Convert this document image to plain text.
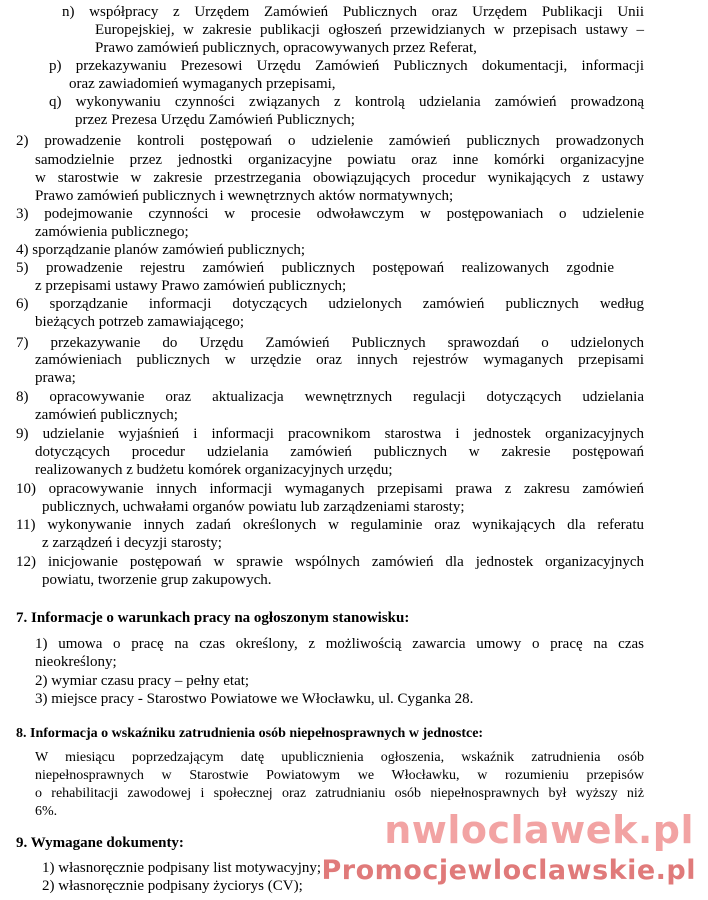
n) współpracy z Urzędem Zamówień Publicznych oraz Urzędem Publikacji Unii
Europejskiej, w zakresie publikacji ogłoszeń przewidzianych w przepisach ustawy –
Prawo zamówień publicznych, opracowywanych przez Referat,
p) przekazywaniu Prezesowi Urzędu Zamówień Publicznych dokumentacji, informacji
oraz zawiadomień wymaganych przepisami,
q) wykonywaniu czynności związanych z kontrolą udzielania zamówień prowadzoną
przez Prezesa Urzędu Zamówień Publicznych;
2) prowadzenie kontroli postępowań o udzielenie zamówień publicznych prowadzonych
samodzielnie przez jednostki organizacyjne powiatu oraz inne komórki organizacyjne
w starostwie w zakresie przestrzegania obowiązujących procedur wynikających z ustawy
Prawo zamówień publicznych i wewnętrznych aktów normatywnych;
3) podejmowanie czynności w procesie odwoławczym w postępowaniach o udzielenie
zamówienia publicznego;
4) sporządzanie planów zamówień publicznych;
5) prowadzenie rejestru zamówień publicznych postępowań realizowanych zgodnie
z przepisami ustawy Prawo zamówień publicznych;
6) sporządzanie informacji dotyczących udzielonych zamówień publicznych według
bieżących potrzeb zamawiającego;
7) przekazywanie do Urzędu Zamówień Publicznych sprawozdań o udzielonych
zamówieniach publicznych w urzędzie oraz innych rejestrów wymaganych przepisami
prawa;
8) opracowywanie oraz aktualizacja wewnętrznych regulacji dotyczących udzielania
zamówień publicznych;
9) udzielanie wyjaśnień i informacji pracownikom starostwa i jednostek organizacyjnych
dotyczących procedur udzielania zamówień publicznych w zakresie postępowań
realizowanych z budżetu komórek organizacyjnych urzędu;
10) opracowywanie innych informacji wymaganych przepisami prawa z zakresu zamówień
publicznych, uchwałami organów powiatu lub zarządzeniami starosty;
11) wykonywanie innych zadań określonych w regulaminie oraz wynikających dla referatu
z zarządzeń i decyzji starosty;
12) inicjowanie postępowań w sprawie wspólnych zamówień dla jednostek organizacyjnych
powiatu, tworzenie grup zakupowych.
7. Informacje o warunkach pracy na ogłoszonym stanowisku:
1) umowa o pracę na czas określony, z możliwością zawarcia umowy o pracę na czas
nieokreślony;
2) wymiar czasu pracy – pełny etat;
3) miejsce pracy - Starostwo Powiatowe we Włocławku, ul. Cyganka 28.
8. Informacja o wskaźniku zatrudnienia osób niepełnosprawnych w jednostce:
W miesiącu poprzedzającym datę upublicznienia ogłoszenia, wskaźnik zatrudnienia osób
niepełnosprawnych w Starostwie Powiatowym we Włocławku, w rozumieniu przepisów
o rehabilitacji zawodowej i społecznej oraz zatrudnianiu osób niepełnosprawnych był wyższy niż
6%.
9. Wymagane dokumenty:
1) własnoręcznie podpisany list motywacyjny;
2) własnoręcznie podpisany życiorys (CV);
nwloclawek.pl
Promocjewloclawskie.pl
